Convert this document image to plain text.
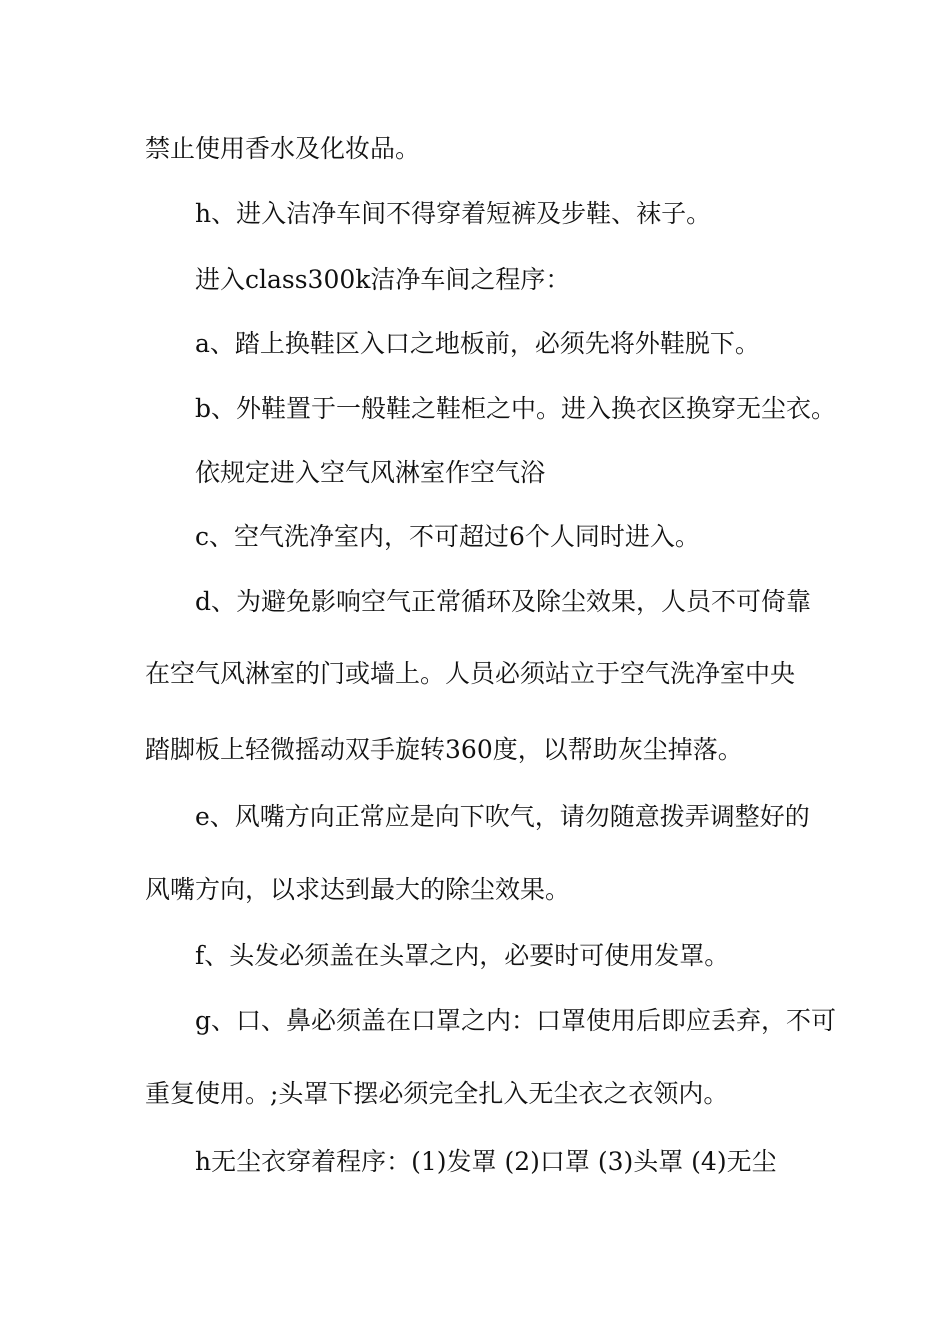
禁止使用香水及化妆品。
h、进入洁净车间不得穿着短裤及步鞋、袜子。
进入class300k洁净车间之程序：
a、踏上换鞋区入口之地板前，必须先将外鞋脱下。
b、外鞋置于一般鞋之鞋柜之中。进入换衣区换穿无尘衣。
依规定进入空气风淋室作空气浴
c、空气洗净室内，不可超过6个人同时进入。
d、为避免影响空气正常循环及除尘效果，人员不可倚靠
在空气风淋室的门或墙上。人员必须站立于空气洗净室中央
踏脚板上轻微摇动双手旋转360度，以帮助灰尘掉落。
e、风嘴方向正常应是向下吹气，请勿随意拨弄调整好的
风嘴方向，以求达到最大的除尘效果。
f、头发必须盖在头罩之内，必要时可使用发罩。
g、口、鼻必须盖在口罩之内：口罩使用后即应丢弃，不可
重复使用。;头罩下摆必须完全扎入无尘衣之衣领内。
h无尘衣穿着程序：(1)发罩 (2)口罩 (3)头罩 (4)无尘
